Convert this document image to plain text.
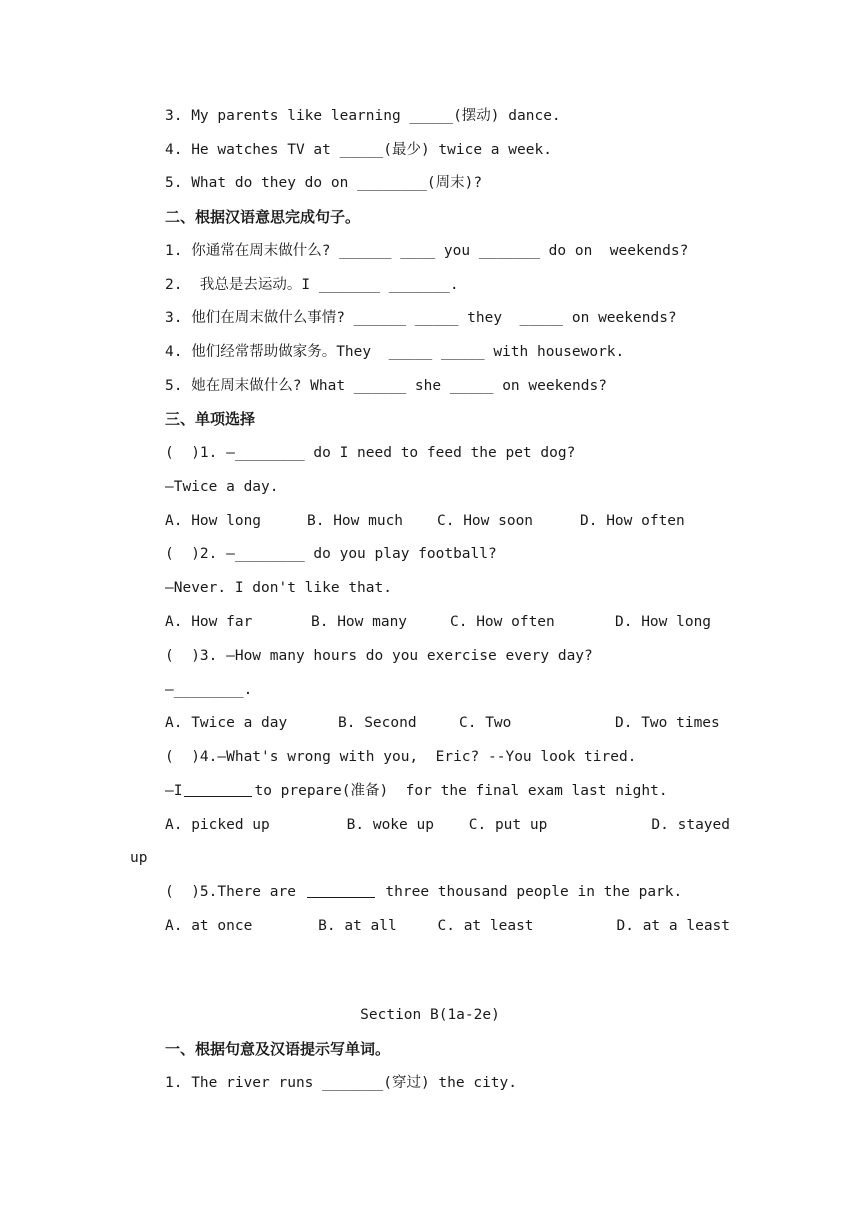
3. My parents like learning _____(摆动) dance.
4. He watches TV at _____(最少) twice a week.
5. What do they do on ________(周末)?
二、根据汉语意思完成句子。
1. 你通常在周末做什么? ______ ____ you _______ do on  weekends?
2.  我总是去运动。I _______ _______.
3. 他们在周末做什么事情? ______ _____ they  _____ on weekends?
4. 他们经常帮助做家务。They  _____ _____ with housework.
5. 她在周末做什么? What ______ she _____ on weekends?
三、单项选择
(  )1. —________ do I need to feed the pet dog?
—Twice a day.
A. How long	B. How much	C. How soon	D. How often
(  )2. —________ do you play football?
—Never. I don't like that.
A. How far	B. How many	C. How often	D. How long
(  )3. —How many hours do you exercise every day?
—________.
A. Twice a day	B. Second	C. Two	D. Two times
(  )4.—What's wrong with you,  Eric? --You look tired.
—I	to prepare(准备)  for the final exam last night.
A. picked up	B. woke up	C. put up	D. stayed
up
(  )5.There are	three thousand people in the park.
A. at once	B. at all	C. at least	D. at a least
Section B(1a-2e)
一、根据句意及汉语提示写单词。
1. The river runs _______(穿过) the city.
